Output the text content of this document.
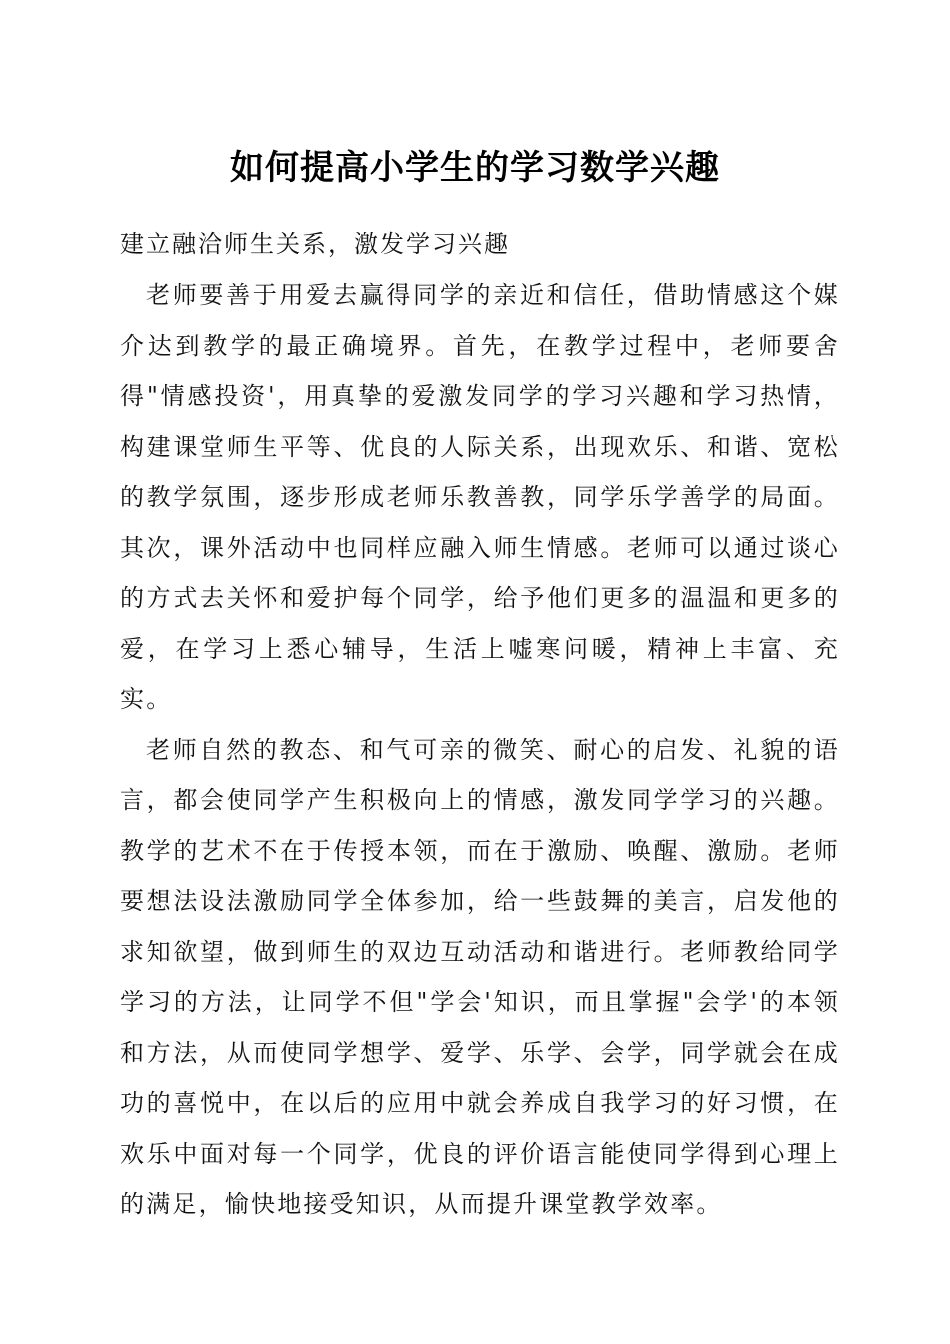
如何提高小学生的学习数学兴趣

建立融洽师生关系，激发学习兴趣

老师要善于用爱去赢得同学的亲近和信任，借助情感这个媒介达到教学的最正确境界。首先，在教学过程中，老师要舍得"情感投资'，用真挚的爱激发同学的学习兴趣和学习热情，构建课堂师生平等、优良的人际关系，出现欢乐、和谐、宽松的教学氛围，逐步形成老师乐教善教，同学乐学善学的局面。其次，课外活动中也同样应融入师生情感。老师可以通过谈心的方式去关怀和爱护每个同学，给予他们更多的温温和更多的爱，在学习上悉心辅导，生活上嘘寒问暖，精神上丰富、充实。

老师自然的教态、和气可亲的微笑、耐心的启发、礼貌的语言，都会使同学产生积极向上的情感，激发同学学习的兴趣。教学的艺术不在于传授本领，而在于激励、唤醒、激励。老师要想法设法激励同学全体参加，给一些鼓舞的美言，启发他的求知欲望，做到师生的双边互动活动和谐进行。老师教给同学学习的方法，让同学不但"学会'知识，而且掌握"会学'的本领和方法，从而使同学想学、爱学、乐学、会学，同学就会在成功的喜悦中，在以后的应用中就会养成自我学习的好习惯，在欢乐中面对每一个同学，优良的评价语言能使同学得到心理上的满足，愉快地接受知识，从而提升课堂教学效率。
